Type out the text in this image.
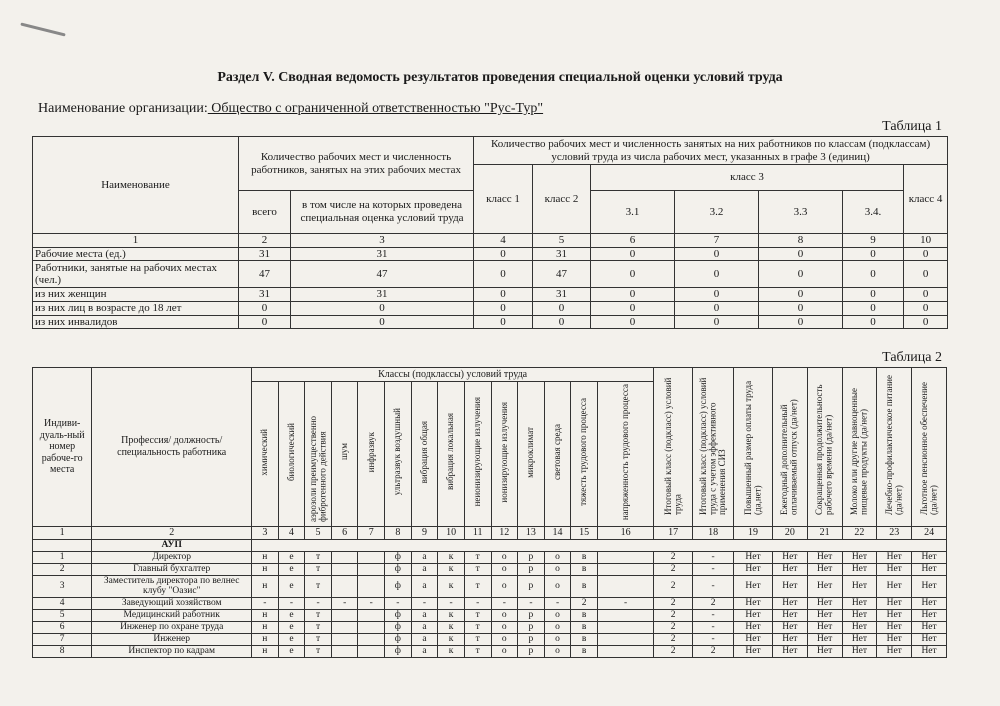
Раздел V. Сводная ведомость результатов проведения специальной оценки условий труда
Наименование организации: Общество с ограниченной ответственностью "Рус-Тур"
Таблица 1
Наименование	Количество рабочих мест и численность работников, занятых на этих рабочих местах		Количество рабочих мест и численность занятых на них работников по классам (подклассам) условий труда из числа рабочих мест, указанных в графе 3 (единиц)						
			класс 1	класс 2	класс 3				класс 4
	всего	в том числе на которых проведена специальная оценка условий труда			3.1	3.2	3.3	3.4.	
1	2	3	4	5	6	7	8	9	10
Рабочие места (ед.)	31	31	0	31	0	0	0	0	0
Работники, занятые на рабочих местах (чел.)	47	47	0	47	0	0	0	0	0
из них женщин	31	31	0	31	0	0	0	0	0
из них лиц в возрасте до 18 лет	0	0	0	0	0	0	0	0	0
из них инвалидов	0	0	0	0	0	0	0	0	0
Таблица 2
Индиви-дуаль-ный номер рабоче-го места	Профессия/ должность/ специальность работника	Классы (подклассы) условий труда														Итоговый класс (подкласс) условий труда	Итоговый класс (подкласс) условий труда с учетом эффективного применения СИЗ	Повышенный размер оплаты труда (да,нет)	Ежегодный дополнительный оплачиваемый отпуск (да/нет)	Сокращенная продолжительность рабочего времени (да/нет)	Молоко или другие равноценные пищевые продукты (да/нет)	Лечебно-профилактическое питание (да/нет)	Льготное пенсионное обеспечение (да/нет)
		химический	биологический	аэрозоли преимущественно фиброгенного действия	шум	инфразвук	ультразвук воздушный	вибрация общая	вибрация локальная	неионизирующие излучения	ионизирующие излучения	микроклимат	световая среда	тяжесть трудового процесса	напряженность трудового процесса								
1	2	3	4	5	6	7	8	9	10	11	12	13	14	15	16	17	18	19	20	21	22	23	24
	АУП																						
1	Директор	н	е	т			ф	а	к	т	о	р	о	в		2	-	Нет	Нет	Нет	Нет	Нет	Нет
2	Главный бухгалтер	н	е	т			ф	а	к	т	о	р	о	в		2	-	Нет	Нет	Нет	Нет	Нет	Нет
3	Заместитель директора по велнес клубу "Оазис"	н	е	т			ф	а	к	т	о	р	о	в		2	-	Нет	Нет	Нет	Нет	Нет	Нет
4	Заведующий хозяйством	-	-	-	-	-	-	-	-	-	-	-	-	2	-	2	2	Нет	Нет	Нет	Нет	Нет	Нет
5	Медицинский работник	н	е	т			ф	а	к	т	о	р	о	в		2	-	Нет	Нет	Нет	Нет	Нет	Нет
6	Инженер по охране труда	н	е	т			ф	а	к	т	о	р	о	в		2	-	Нет	Нет	Нет	Нет	Нет	Нет
7	Инженер	н	е	т			ф	а	к	т	о	р	о	в		2	-	Нет	Нет	Нет	Нет	Нет	Нет
8	Инспектор по кадрам	н	е	т			ф	а	к	т	о	р	о	в		2	2	Нет	Нет	Нет	Нет	Нет	Нет
